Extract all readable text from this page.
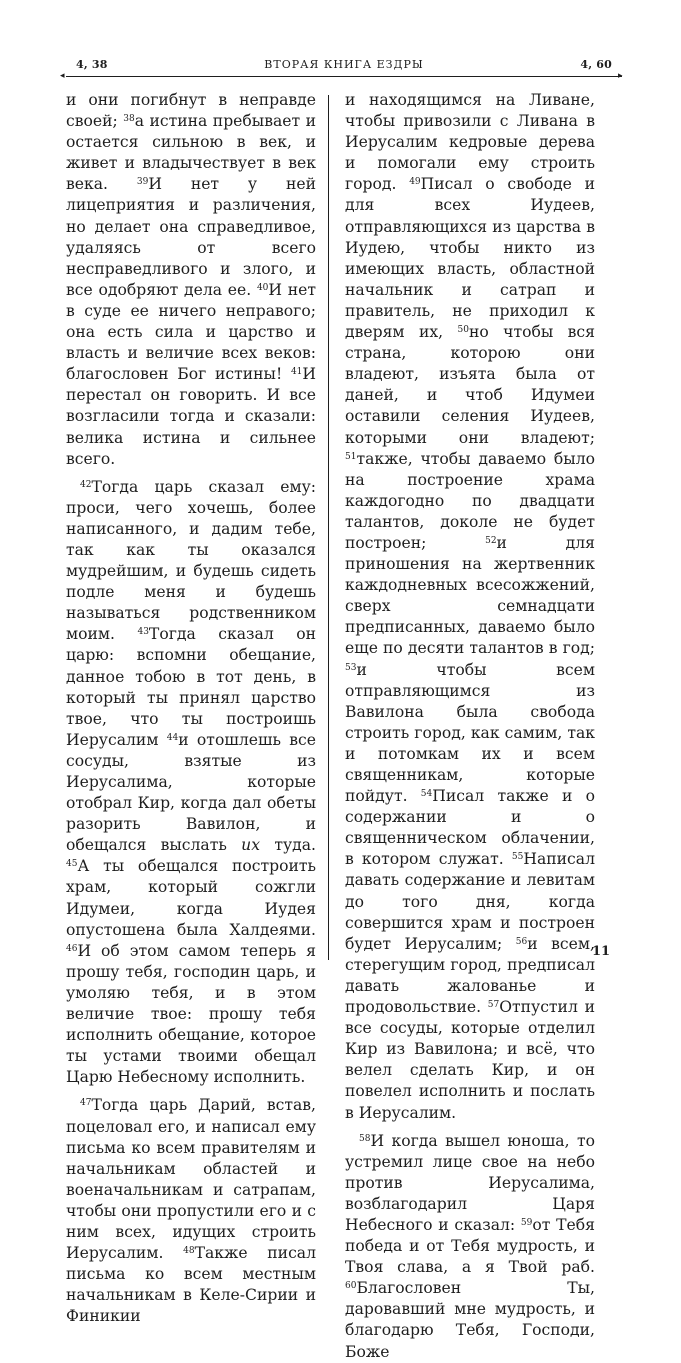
4, 38	ВТОРАЯ КНИГА ЕЗДРЫ	4, 60
◂	▸

и они погибнут в неправде своей; $^{38}$а истина пребывает и остается сильною в век, и живет и владычествует в век века. $^{39}$И нет у ней лицеприятия и различения, но делает она справедливое, удаляясь от всего несправедливого и злого, и все одобряют дела ее. $^{40}$И нет в суде ее ничего неправого; она есть сила и царство и власть и величие всех веков: благословен Бог истины! $^{41}$И перестал он говорить. И все возгласили тогда и сказали: велика истина и сильнее всего.

$^{42}$Тогда царь сказал ему: проси, чего хочешь, более написанного, и дадим тебе, так как ты оказался мудрейшим, и будешь сидеть подле меня и будешь называться родственником моим. $^{43}$Тогда сказал он царю: вспомни обещание, данное тобою в тот день, в который ты принял царство твое, что ты построишь Иерусалим $^{44}$и отошлешь все сосуды, взятые из Иерусалима, которые отобрал Кир, когда дал обеты разорить Вавилон, и обещался выслать их туда. $^{45}$А ты обещался построить храм, который сожгли Идумеи, когда Иудея опустошена была Халдеями. $^{46}$И об этом самом теперь я прошу тебя, господин царь, и умоляю тебя, и в этом величие твое: прошу тебя исполнить обещание, которое ты устами твоими обещал Царю Небесному исполнить.

$^{47}$Тогда царь Дарий, встав, поцеловал его, и написал ему письма ко всем правителям и начальникам областей и военачальникам и сатрапам, чтобы они пропустили его и с ним всех, идущих строить Иерусалим. $^{48}$Также писал письма ко всем местным начальникам в Келе-Сирии и Финикии

и находящимся на Ливане, чтобы привозили с Ливана в Иерусалим кедровые дерева и помогали ему строить город. $^{49}$Писал о свободе и для всех Иудеев, отправляющихся из царства в Иудею, чтобы никто из имеющих власть, областной начальник и сатрап и правитель, не приходил к дверям их, $^{50}$но чтобы вся страна, которою они владеют, изъята была от даней, и чтоб Идумеи оставили селения Иудеев, которыми они владеют; $^{51}$также, чтобы даваемо было на построение храма каждогодно по двадцати талантов, доколе не будет построен; $^{52}$и для приношения на жертвенник каждодневных всесожжений, сверх семнадцати предписанных, даваемо было еще по десяти талантов в год; $^{53}$и чтобы всем отправляющимся из Вавилона была свобода строить город, как самим, так и потомкам их и всем священникам, которые пойдут. $^{54}$Писал также и о содержании и о священническом облачении, в котором служат. $^{55}$Написал давать содержание и левитам до того дня, когда совершится храм и построен будет Иерусалим; $^{56}$и всем, стерегущим город, предписал давать жалованье и продовольствие. $^{57}$Отпустил и все сосуды, которые отделил Кир из Вавилона; и всё, что велел сделать Кир, и он повелел исполнить и послать в Иерусалим.

$^{58}$И когда вышел юноша, то устремил лице свое на небо против Иерусалима, возблагодарил Царя Небесного и сказал: $^{59}$от Тебя победа и от Тебя мудрость, и Твоя слава, а я Твой раб. $^{60}$Благословен Ты, даровавший мне мудрость, и благодарю Тебя, Господи, Боже

11
